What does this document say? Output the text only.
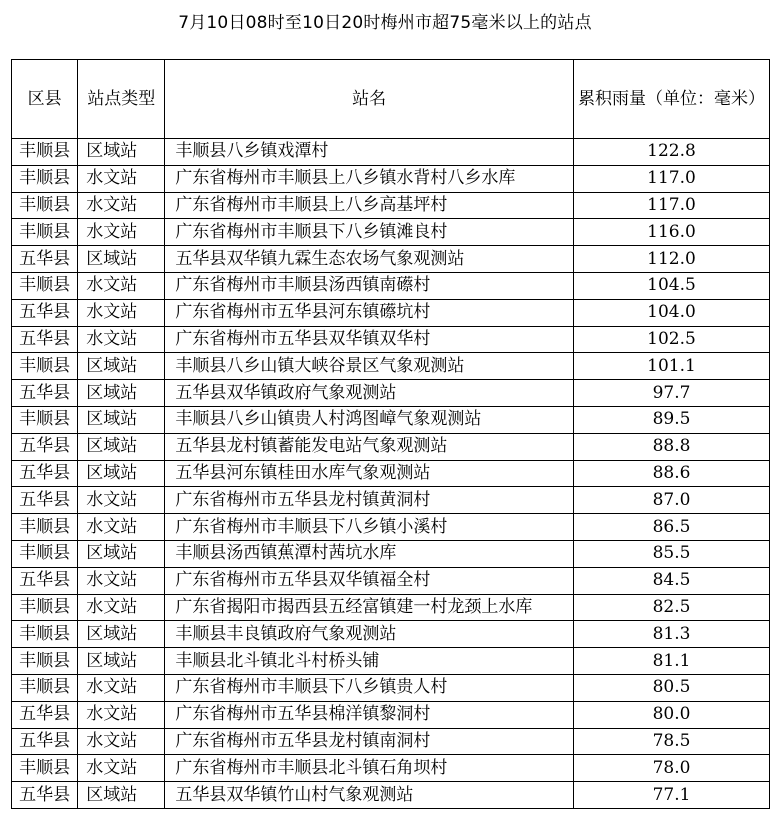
7月10日08时至10日20时梅州市超75毫米以上的站点
区县	站点类型	站名	累积雨量（单位：毫米）
丰顺县	区域站	丰顺县八乡镇戏潭村	122.8
丰顺县	水文站	广东省梅州市丰顺县上八乡镇水背村八乡水库	117.0
丰顺县	水文站	广东省梅州市丰顺县上八乡高基坪村	117.0
丰顺县	水文站	广东省梅州市丰顺县下八乡镇滩良村	116.0
五华县	区域站	五华县双华镇九霖生态农场气象观测站	112.0
丰顺县	水文站	广东省梅州市丰顺县汤西镇南礤村	104.5
五华县	水文站	广东省梅州市五华县河东镇礤坑村	104.0
五华县	水文站	广东省梅州市五华县双华镇双华村	102.5
丰顺县	区域站	丰顺县八乡山镇大峡谷景区气象观测站	101.1
五华县	区域站	五华县双华镇政府气象观测站	97.7
丰顺县	区域站	丰顺县八乡山镇贵人村鸿图嶂气象观测站	89.5
五华县	区域站	五华县龙村镇蓄能发电站气象观测站	88.8
五华县	区域站	五华县河东镇桂田水库气象观测站	88.6
五华县	水文站	广东省梅州市五华县龙村镇黄洞村	87.0
丰顺县	水文站	广东省梅州市丰顺县下八乡镇小溪村	86.5
丰顺县	区域站	丰顺县汤西镇蕉潭村茜坑水库	85.5
五华县	水文站	广东省梅州市五华县双华镇福全村	84.5
丰顺县	水文站	广东省揭阳市揭西县五经富镇建一村龙颈上水库	82.5
丰顺县	区域站	丰顺县丰良镇政府气象观测站	81.3
丰顺县	区域站	丰顺县北斗镇北斗村桥头铺	81.1
丰顺县	水文站	广东省梅州市丰顺县下八乡镇贵人村	80.5
五华县	水文站	广东省梅州市五华县棉洋镇黎洞村	80.0
五华县	水文站	广东省梅州市五华县龙村镇南洞村	78.5
丰顺县	水文站	广东省梅州市丰顺县北斗镇石角坝村	78.0
五华县	区域站	五华县双华镇竹山村气象观测站	77.1
